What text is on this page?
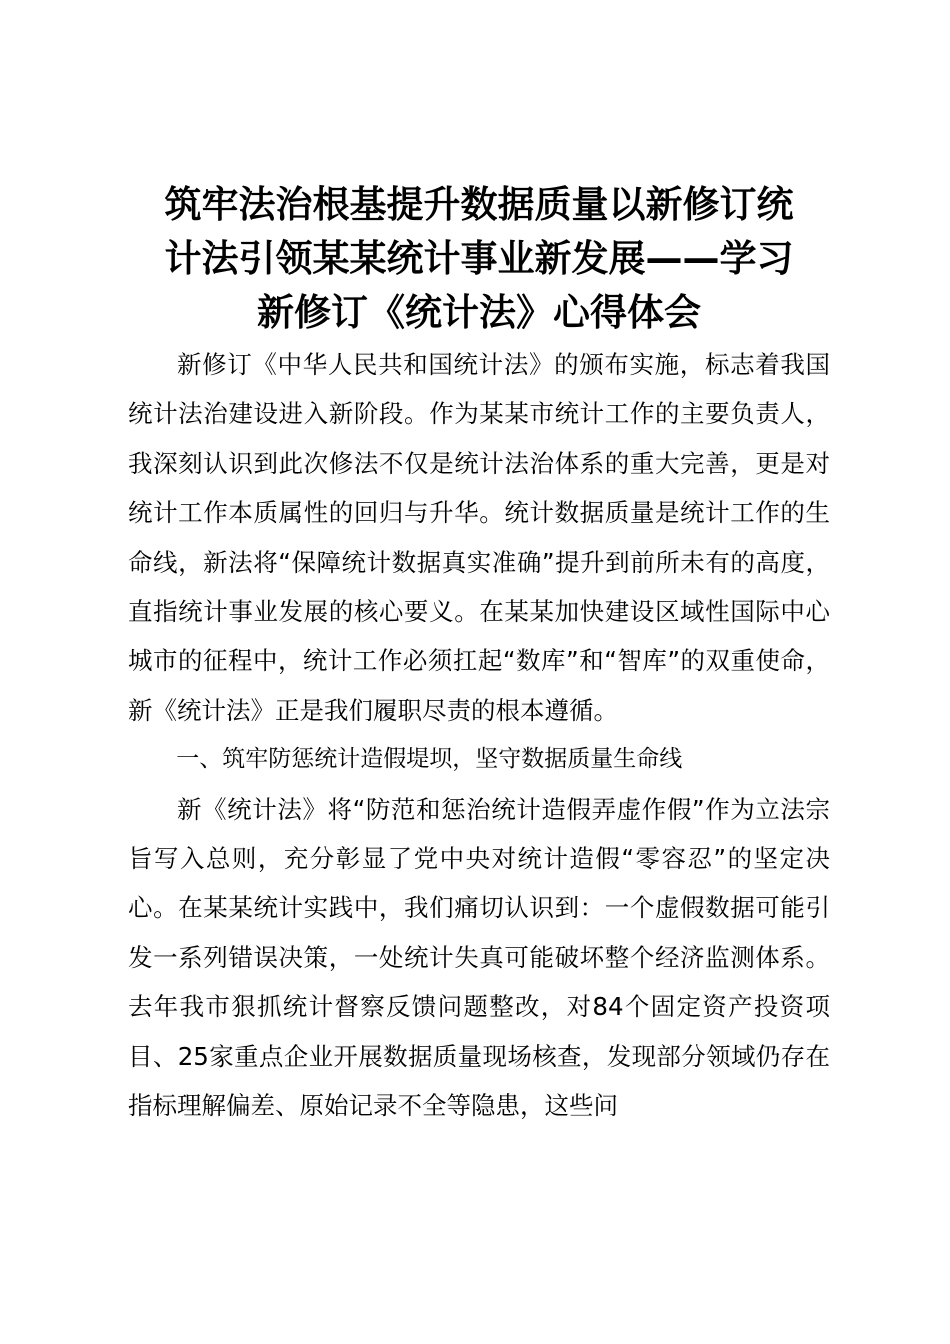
筑牢法治根基提升数据质量以新修订统
计法引领某某统计事业新发展——学习
新修订《统计法》心得体会

新修订《中华人民共和国统计法》的颁布实施，标志着我国统计法治建设进入新阶段。作为某某市统计工作的主要负责人，我深刻认识到此次修法不仅是统计法治体系的重大完善，更是对统计工作本质属性的回归与升华。统计数据质量是统计工作的生命线，新法将“保障统计数据真实准确”提升到前所未有的高度，直指统计事业发展的核心要义。在某某加快建设区域性国际中心城市的征程中，统计工作必须扛起“数库”和“智库”的双重使命，新《统计法》正是我们履职尽责的根本遵循。

一、筑牢防惩统计造假堤坝，坚守数据质量生命线

新《统计法》将“防范和惩治统计造假弄虚作假”作为立法宗旨写入总则，充分彰显了党中央对统计造假“零容忍”的坚定决心。在某某统计实践中，我们痛切认识到：一个虚假数据可能引发一系列错误决策，一处统计失真可能破坏整个经济监测体系。去年我市狠抓统计督察反馈问题整改，对84个固定资产投资项目、25家重点企业开展数据质量现场核查，发现部分领域仍存在指标理解偏差、原始记录不全等隐患，这些问
